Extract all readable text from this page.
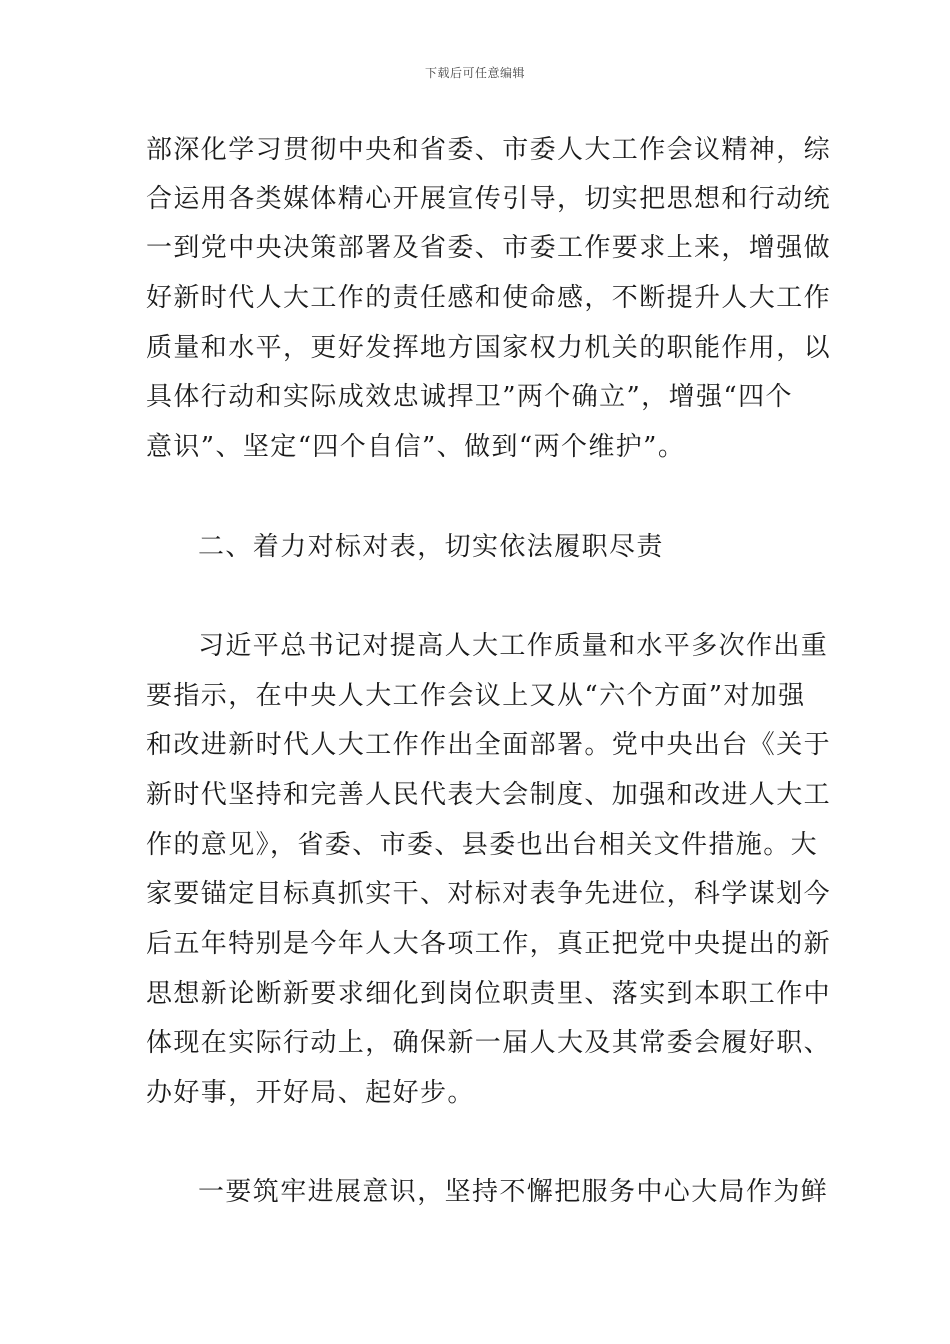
下载后可任意编辑
部深化学习贯彻中央和省委、市委人大工作会议精神，综
合运用各类媒体精心开展宣传引导，切实把思想和行动统
一到党中央决策部署及省委、市委工作要求上来，增强做
好新时代人大工作的责任感和使命感，不断提升人大工作
质量和水平，更好发挥地方国家权力机关的职能作用，以
具体行动和实际成效忠诚捍卫”两个确立”，增强“四个
意识”、坚定“四个自信”、做到“两个维护”。
二、着力对标对表，切实依法履职尽责
习近平总书记对提高人大工作质量和水平多次作出重
要指示，在中央人大工作会议上又从“六个方面”对加强
和改进新时代人大工作作出全面部署。党中央出台《关于
新时代坚持和完善人民代表大会制度、加强和改进人大工
作的意见》，省委、市委、县委也出台相关文件措施。大
家要锚定目标真抓实干、对标对表争先进位，科学谋划今
后五年特别是今年人大各项工作，真正把党中央提出的新
思想新论断新要求细化到岗位职责里、落实到本职工作中
体现在实际行动上，确保新一届人大及其常委会履好职、
办好事，开好局、起好步。
一要筑牢进展意识，坚持不懈把服务中心大局作为鲜
